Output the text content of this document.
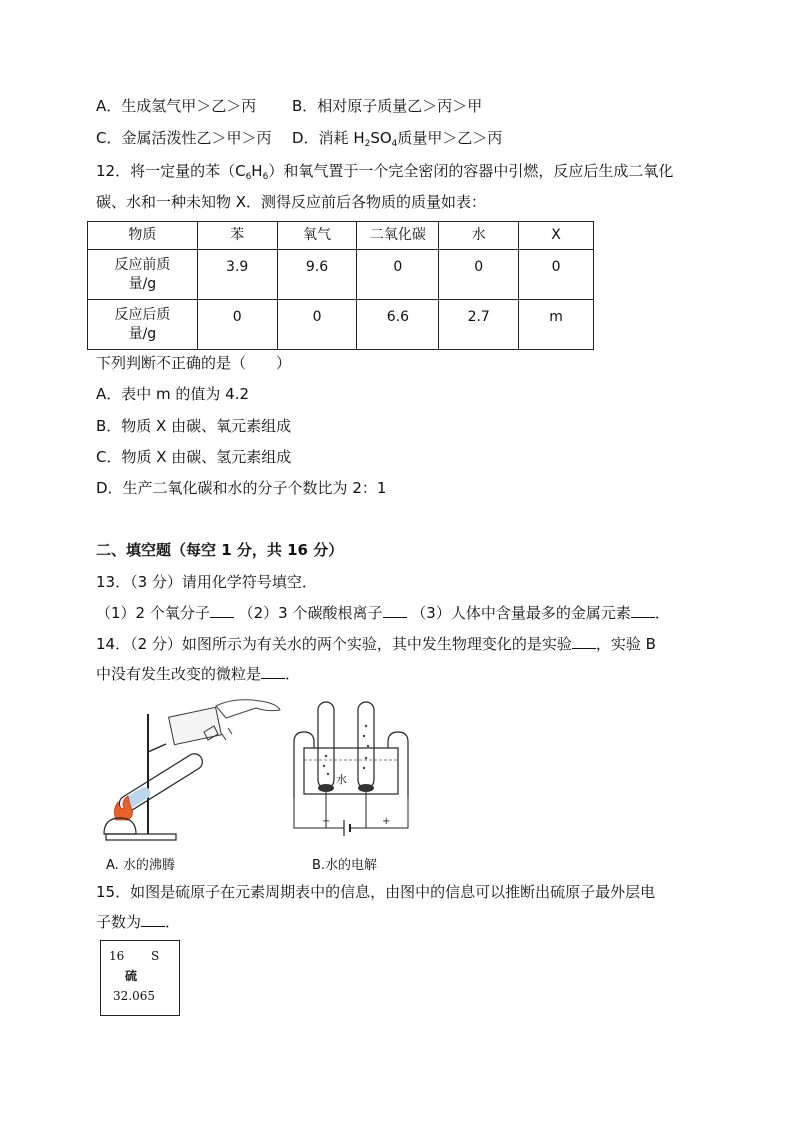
A．生成氢气甲＞乙＞丙 B．相对原子质量乙＞丙＞甲
C．金属活泼性乙＞甲＞丙 D．消耗 $H_2SO_4$质量甲＞乙＞丙
12．将一定量的苯$(C_6H_6)$和氧气置于一个完全密闭的容器中引燃，反应后生成二氧化
碳、水和一种未知物 X．测得反应前后各物质的质量如表：
物质	苯	氧气	二氧化碳	水	X
反应前质
量/g	3.9	9.6	0	0	0
反应后质
量/g	0	0	6.6	2.7	m
下列判断不正确的是（　　）
A．表中 m 的值为 4.2
B．物质 X 由碳、氧元素组成
C．物质 X 由碳、氢元素组成
D．生产二氧化碳和水的分子个数比为 2：1
二、填空题（每空 1 分，共 16 分）
13．（3 分）请用化学符号填空．
（1）2 个氧分子 （2）3 个碳酸根离子 （3）人体中含量最多的金属元素 ．
14．（2 分）如图所示为有关水的两个实验，其中发生物理变化的是实验 ，实验 B
中没有发生改变的微粒是 ．
A. 水的沸腾
水
−	+
B.水的电解
15．如图是硫原子在元素周期表中的信息，由图中的信息可以推断出硫原子最外层电
子数为 ．
16 S
硫
32.065
